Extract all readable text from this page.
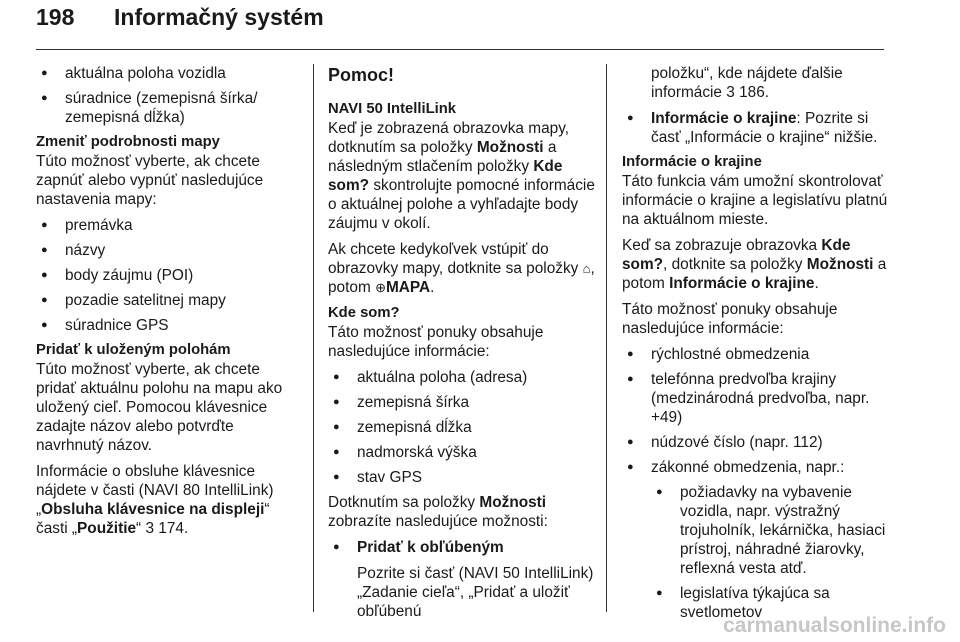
198 Informačný systém
● aktuálna poloha vozidla
● súradnice (zemepisná šírka/ zemepisná dĺžka)
Zmeniť podrobnosti mapy

Túto možnosť vyberte, ak chcete zapnúť alebo vypnúť nasledujúce nastavenia mapy:

● premávka
● názvy
● body záujmu (POI)
● pozadie satelitnej mapy
● súradnice GPS
Pridať k uloženým polohám

Túto možnosť vyberte, ak chcete pridať aktuálnu polohu na mapu ako uložený cieľ. Pomocou klávesnice zadajte názov alebo potvrďte navrhnutý názov.

Informácie o obsluhe klávesnice nájdete v časti (NAVI 80 IntelliLink) „Obsluha klávesnice na displeji“ časti „Použitie“ 3 174.

Pomoc!
NAVI 50 IntelliLink

Keď je zobrazená obrazovka mapy, dotknutím sa položky Možnosti a následným stlačením položky Kde som? skontrolujte pomocné informácie o aktuálnej polohe a vyhľadajte body záujmu v okolí.

Ak chcete kedykoľvek vstúpiť do obrazovky mapy, dotknite sa položky ⌂, potom ⊕MAPA.

Kde som?

Táto možnosť ponuky obsahuje nasledujúce informácie:

● aktuálna poloha (adresa)
● zemepisná šírka
● zemepisná dĺžka
● nadmorská výška
● stav GPS

Dotknutím sa položky Možnosti zobrazíte nasledujúce možnosti:

● Pridať k obľúbeným
Pozrite si časť (NAVI 50 IntelliLink) „Zadanie cieľa“, „Pridať a uložiť obľúbenú

položku“, kde nájdete ďalšie informácie 3 186.

● Informácie o krajine: Pozrite si časť „Informácie o krajine“ nižšie.
Informácie o krajine

Táto funkcia vám umožní skontrolovať informácie o krajine a legislatívu platnú na aktuálnom mieste.

Keď sa zobrazuje obrazovka Kde som?, dotknite sa položky Možnosti a potom Informácie o krajine.

Táto možnosť ponuky obsahuje nasledujúce informácie:

● rýchlostné obmedzenia
● telefónna predvoľba krajiny (medzinárodná predvoľba, napr. +49)
● núdzové číslo (napr. 112)
● zákonné obmedzenia, napr.:
● požiadavky na vybavenie vozidla, napr. výstražný trojuholník, lekárnička, hasiaci prístroj, náhradné žiarovky, reflexná vesta atď.
● legislatíva týkajúca sa svetlometov
carmanualsonline.info
